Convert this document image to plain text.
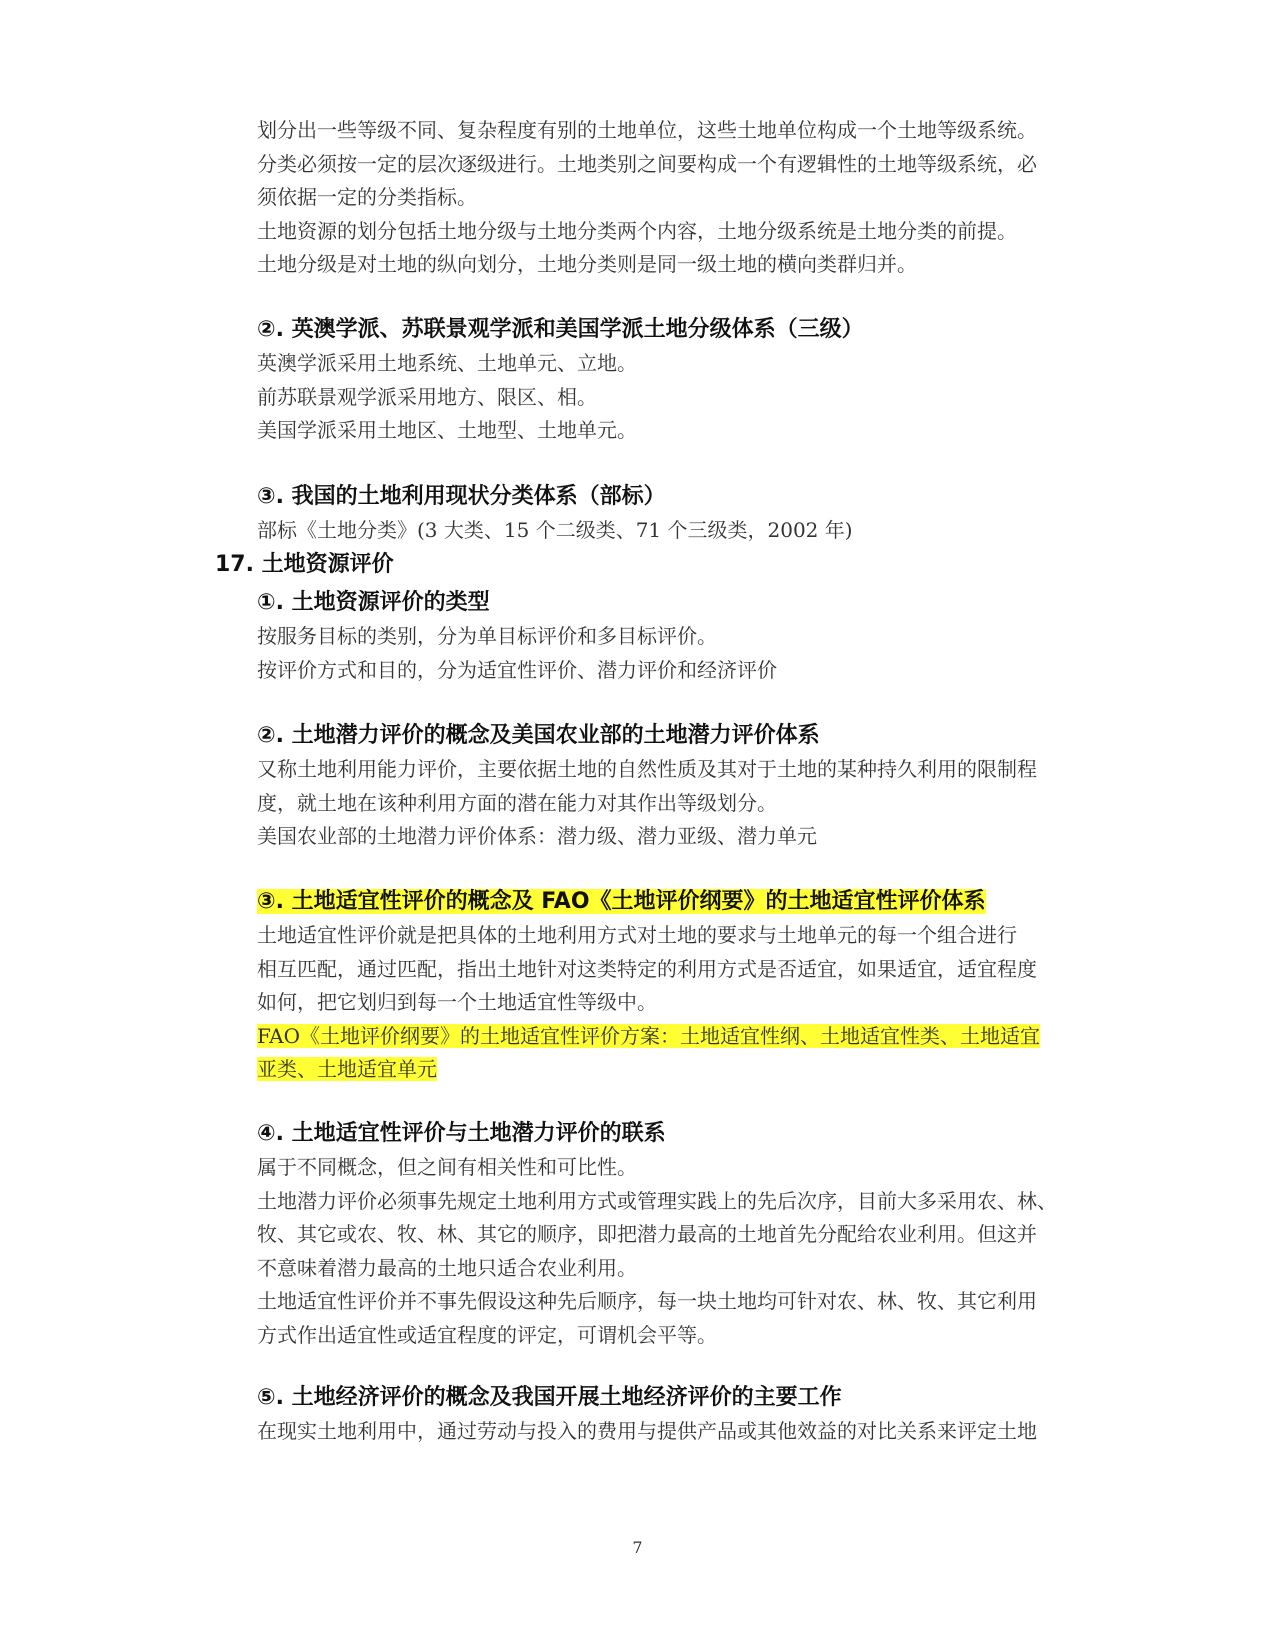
划分出一些等级不同、复杂程度有别的土地单位，这些土地单位构成一个土地等级系统。
分类必须按一定的层次逐级进行。土地类别之间要构成一个有逻辑性的土地等级系统，必
须依据一定的分类指标。
土地资源的划分包括土地分级与土地分类两个内容，土地分级系统是土地分类的前提。
土地分级是对土地的纵向划分，土地分类则是同一级土地的横向类群归并。
②. 英澳学派、苏联景观学派和美国学派土地分级体系（三级）
英澳学派采用土地系统、土地单元、立地。
前苏联景观学派采用地方、限区、相。
美国学派采用土地区、土地型、土地单元。
③. 我国的土地利用现状分类体系（部标）
部标《土地分类》(3 大类、15 个二级类、71 个三级类，2002 年)
17. 土地资源评价
①. 土地资源评价的类型
按服务目标的类别，分为单目标评价和多目标评价。
按评价方式和目的，分为适宜性评价、潜力评价和经济评价
②. 土地潜力评价的概念及美国农业部的土地潜力评价体系
又称土地利用能力评价，主要依据土地的自然性质及其对于土地的某种持久利用的限制程
度，就土地在该种利用方面的潜在能力对其作出等级划分。
美国农业部的土地潜力评价体系：潜力级、潜力亚级、潜力单元
③. 土地适宜性评价的概念及 FAO《土地评价纲要》的土地适宜性评价体系
土地适宜性评价就是把具体的土地利用方式对土地的要求与土地单元的每一个组合进行
相互匹配，通过匹配，指出土地针对这类特定的利用方式是否适宜，如果适宜，适宜程度
如何，把它划归到每一个土地适宜性等级中。
FAO《土地评价纲要》的土地适宜性评价方案：土地适宜性纲、土地适宜性类、土地适宜
亚类、土地适宜单元
④. 土地适宜性评价与土地潜力评价的联系
属于不同概念，但之间有相关性和可比性。
土地潜力评价必须事先规定土地利用方式或管理实践上的先后次序，目前大多采用农、林、
牧、其它或农、牧、林、其它的顺序，即把潜力最高的土地首先分配给农业利用。但这并
不意味着潜力最高的土地只适合农业利用。
土地适宜性评价并不事先假设这种先后顺序，每一块土地均可针对农、林、牧、其它利用
方式作出适宜性或适宜程度的评定，可谓机会平等。
⑤. 土地经济评价的概念及我国开展土地经济评价的主要工作
在现实土地利用中，通过劳动与投入的费用与提供产品或其他效益的对比关系来评定土地
7
